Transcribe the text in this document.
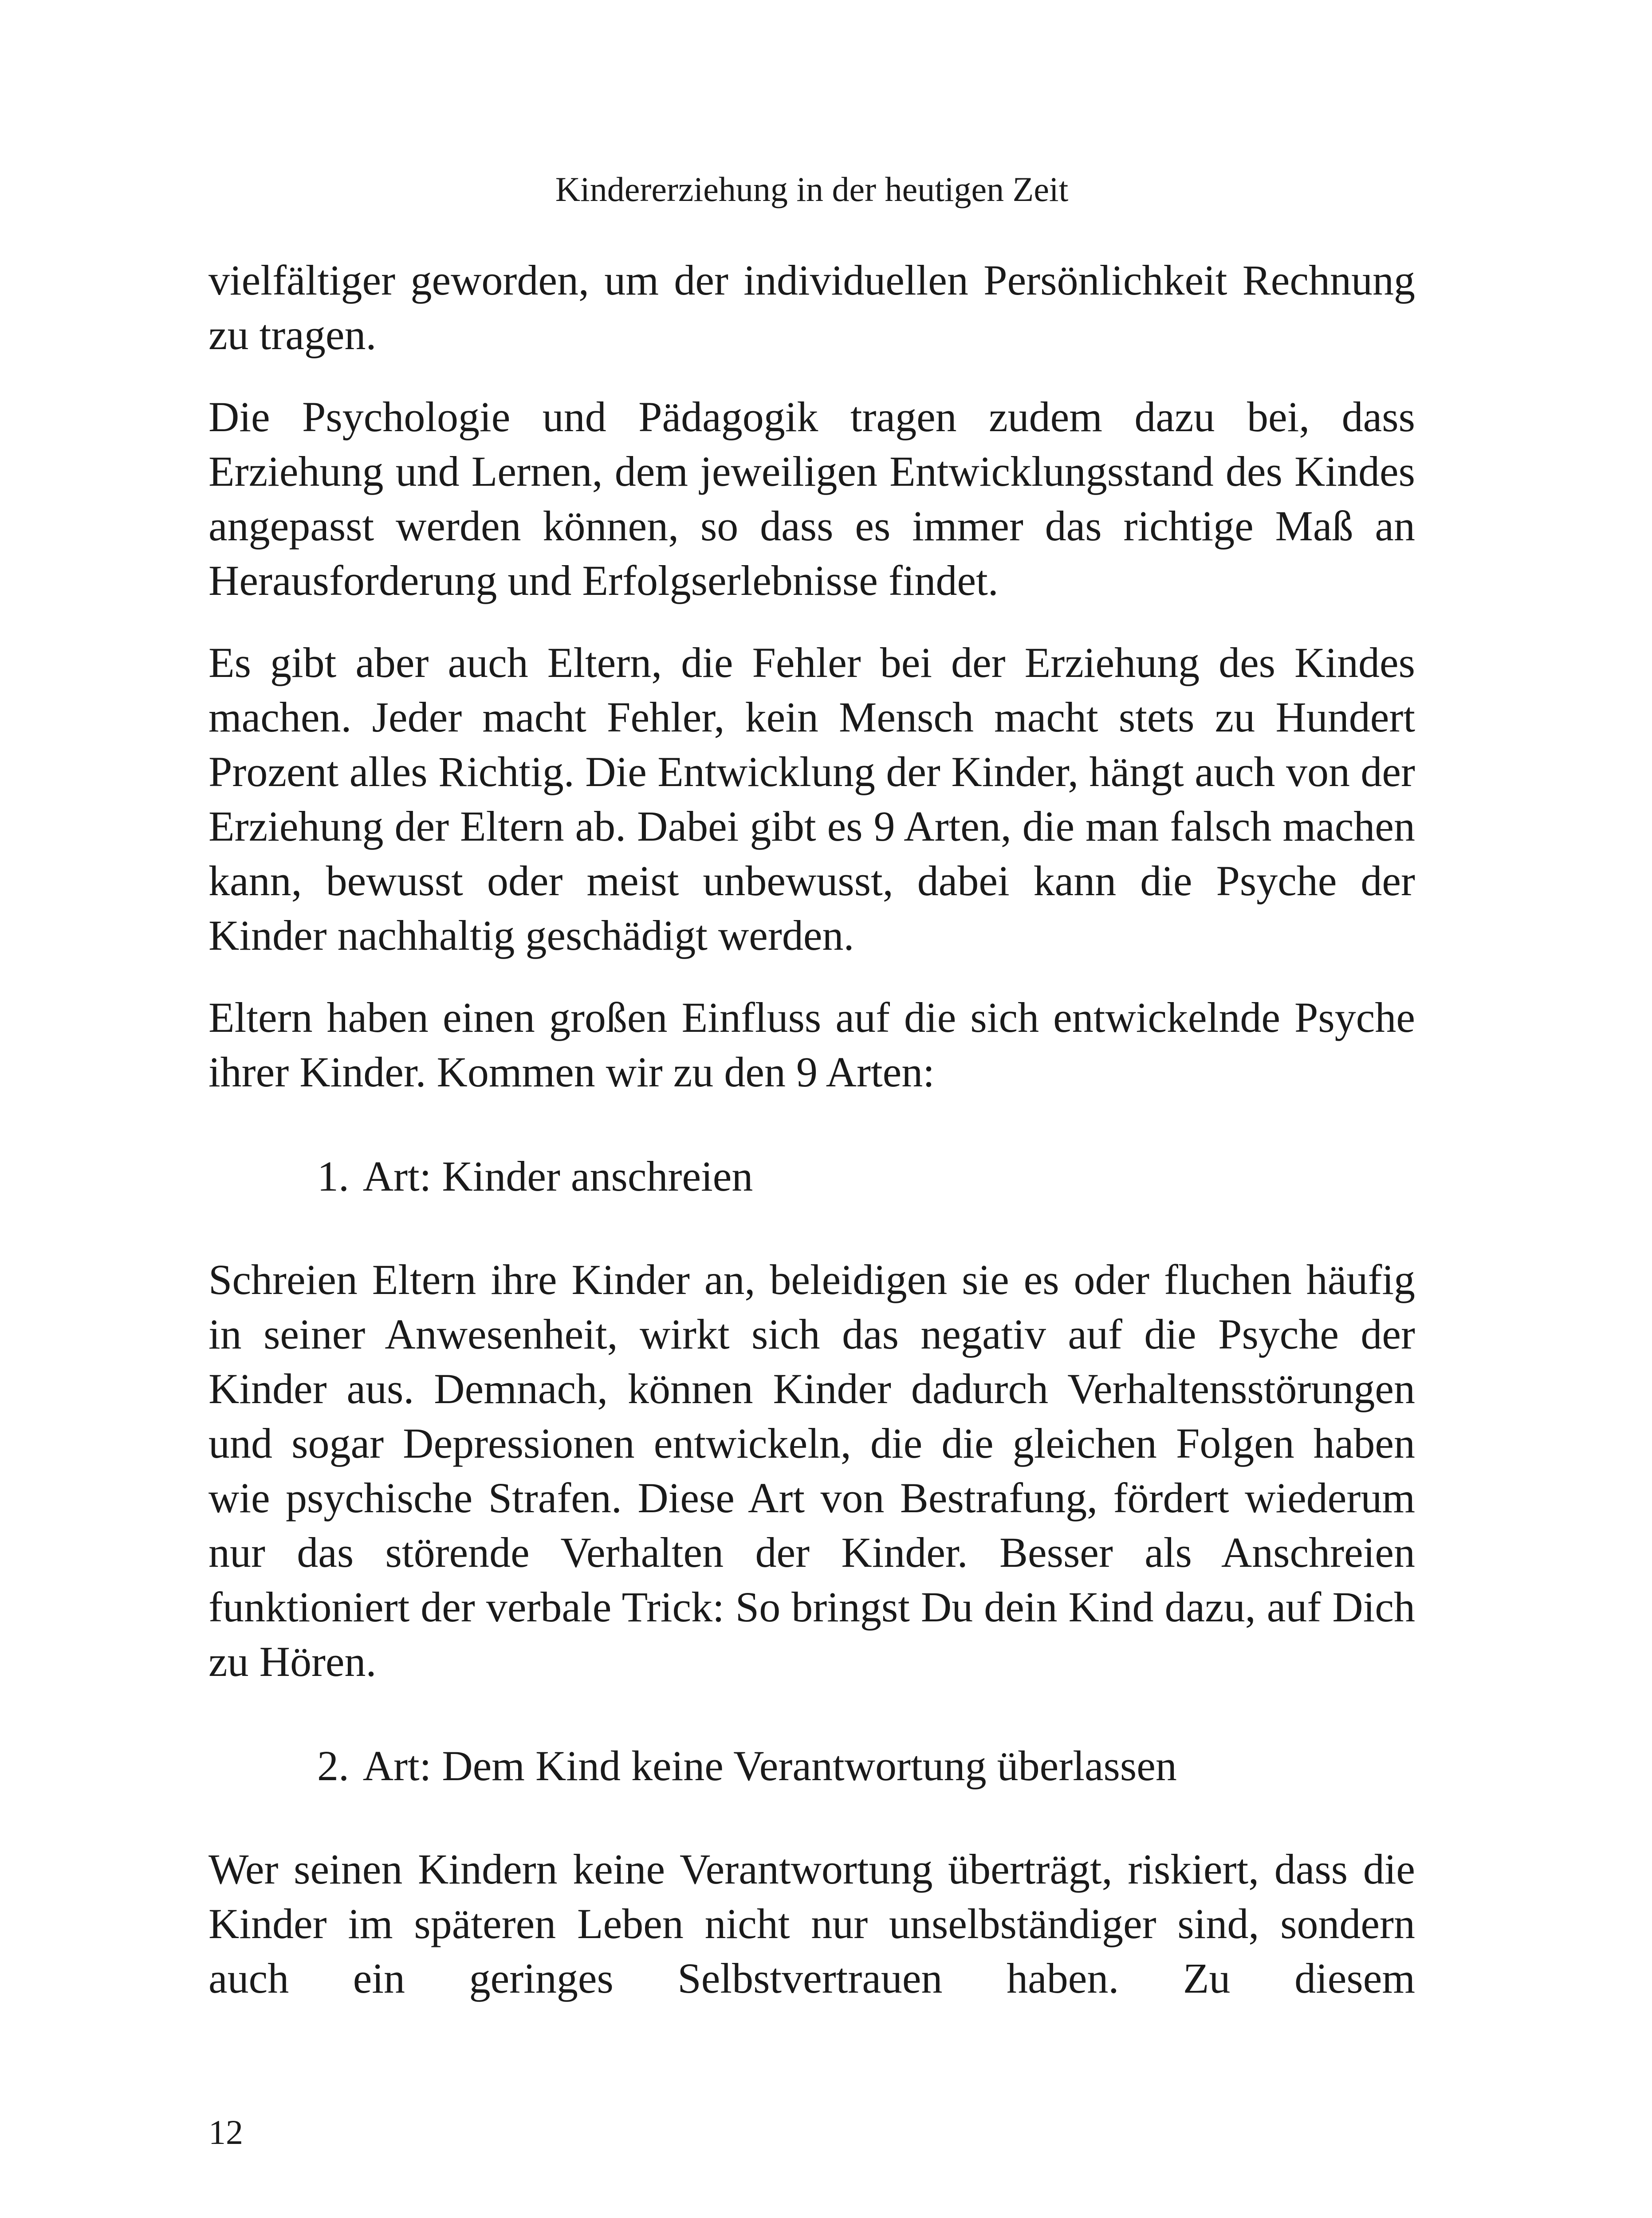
Kindererziehung in der heutigen Zeit

vielfältiger geworden, um der individuellen Persönlichkeit Rechnung zu tragen.

Die Psychologie und Pädagogik tragen zudem dazu bei, dass Erziehung und Lernen, dem jeweiligen Entwicklungsstand des Kindes angepasst werden können, so dass es immer das richtige Maß an Herausforderung und Erfolgserlebnisse findet.

Es gibt aber auch Eltern, die Fehler bei der Erziehung des Kindes machen. Jeder macht Fehler, kein Mensch macht stets zu Hundert Prozent alles Richtig. Die Entwicklung der Kinder, hängt auch von der Erziehung der Eltern ab. Dabei gibt es 9 Arten, die man falsch machen kann, bewusst oder meist unbewusst, dabei kann die Psyche der Kinder nachhaltig geschädigt werden.

Eltern haben einen großen Einfluss auf die sich entwickelnde Psyche ihrer Kinder. Kommen wir zu den 9 Arten:

1. Art: Kinder anschreien

Schreien Eltern ihre Kinder an, beleidigen sie es oder fluchen häufig in seiner Anwesenheit, wirkt sich das negativ auf die Psyche der Kinder aus. Demnach, können Kinder dadurch Verhaltensstörungen und sogar Depressionen entwickeln, die die gleichen Folgen haben wie psychische Strafen. Diese Art von Bestrafung, fördert wiederum nur das störende Verhalten der Kinder. Besser als Anschreien funktioniert der verbale Trick: So bringst Du dein Kind dazu, auf Dich zu Hören.

2. Art: Dem Kind keine Verantwortung überlassen

Wer seinen Kindern keine Verantwortung überträgt, riskiert, dass die Kinder im späteren Leben nicht nur unselbständiger sind, sondern auch ein geringes Selbstvertrauen haben. Zu diesem

12
